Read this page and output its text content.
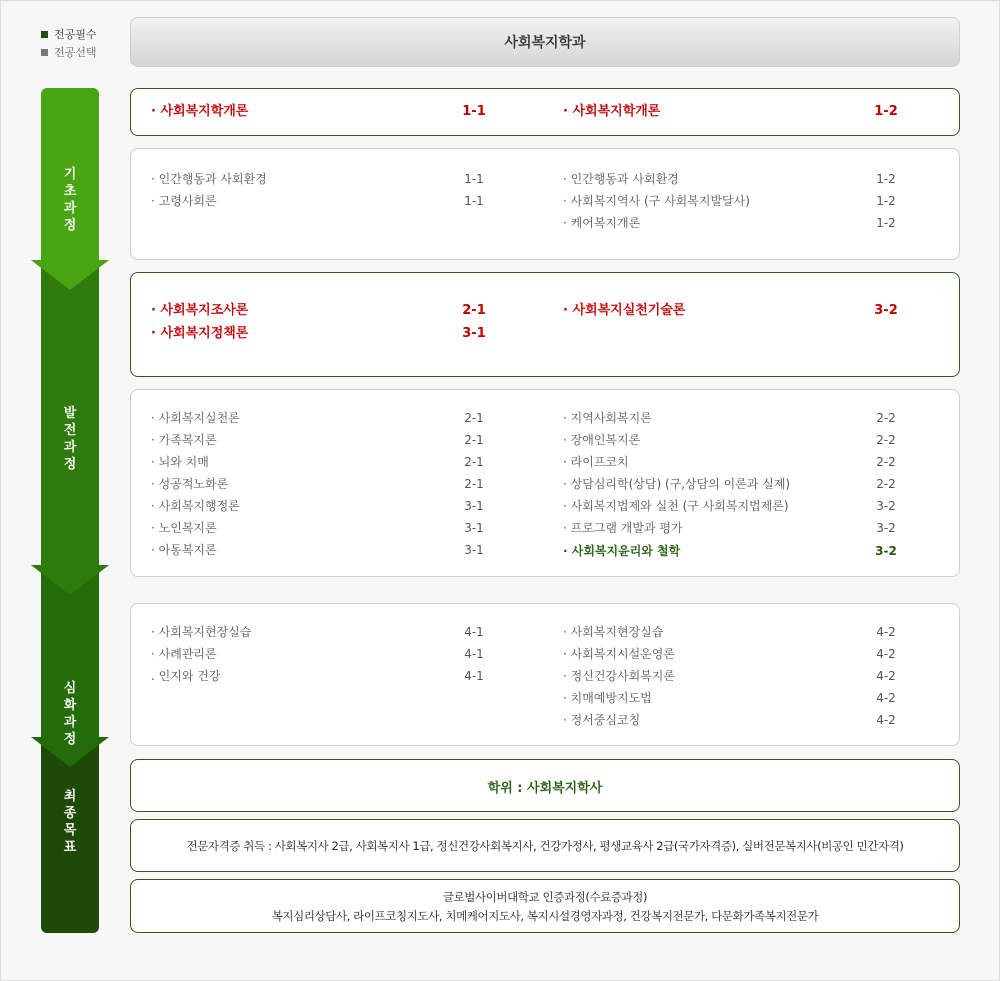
전공필수
전공선택
사회복지학과
기초과정
발전과정
심화과정
최종목표
· 사회복지학개론	1-1	· 사회복지학개론	1-2
· 인간행동과 사회환경	1-1
· 고령사회론	1-1
· 인간행동과 사회환경	1-2
· 사회복지역사 (구 사회복지발달사)	1-2
· 케어복지개론	1-2
· 사회복지조사론	2-1
· 사회복지정책론	3-1
· 사회복지실천기술론	3-2
· 사회복지실천론	2-1
· 가족복지론	2-1
· 뇌와 치매	2-1
· 성공적노화론	2-1
· 사회복지행정론	3-1
· 노인복지론	3-1
· 아동복지론	3-1
· 지역사회복지론	2-2
· 장애인복지론	2-2
· 라이프코치	2-2
· 상담심리학(상담) (구,상담의 이론과 실제)	2-2
· 사회복지법제와 실천 (구 사회복지법제론)	3-2
· 프로그램 개발과 평가	3-2
· 사회복지윤리와 철학	3-2
· 사회복지현장실습	4-1
· 사례관리론	4-1
. 인지와 건강	4-1
· 사회복지현장실습	4-2
· 사회복지시설운영론	4-2
· 정신건강사회복지론	4-2
· 치매예방지도법	4-2
· 정서중심코칭	4-2
학위 : 사회복지학사
전문자격증 취득 : 사회복지사 2급, 사회복지사 1급, 정신건강사회복지사, 건강가정사, 평생교육사 2급(국가자격증), 실버전문복지사(비공인 민간자격)
글로벌사이버대학교 인증과정(수료증과정)
복지심리상담사, 라이프코칭지도사, 치메케어지도사, 복지시설경영자과정, 건강복지전문가, 다문화가족복지전문가
